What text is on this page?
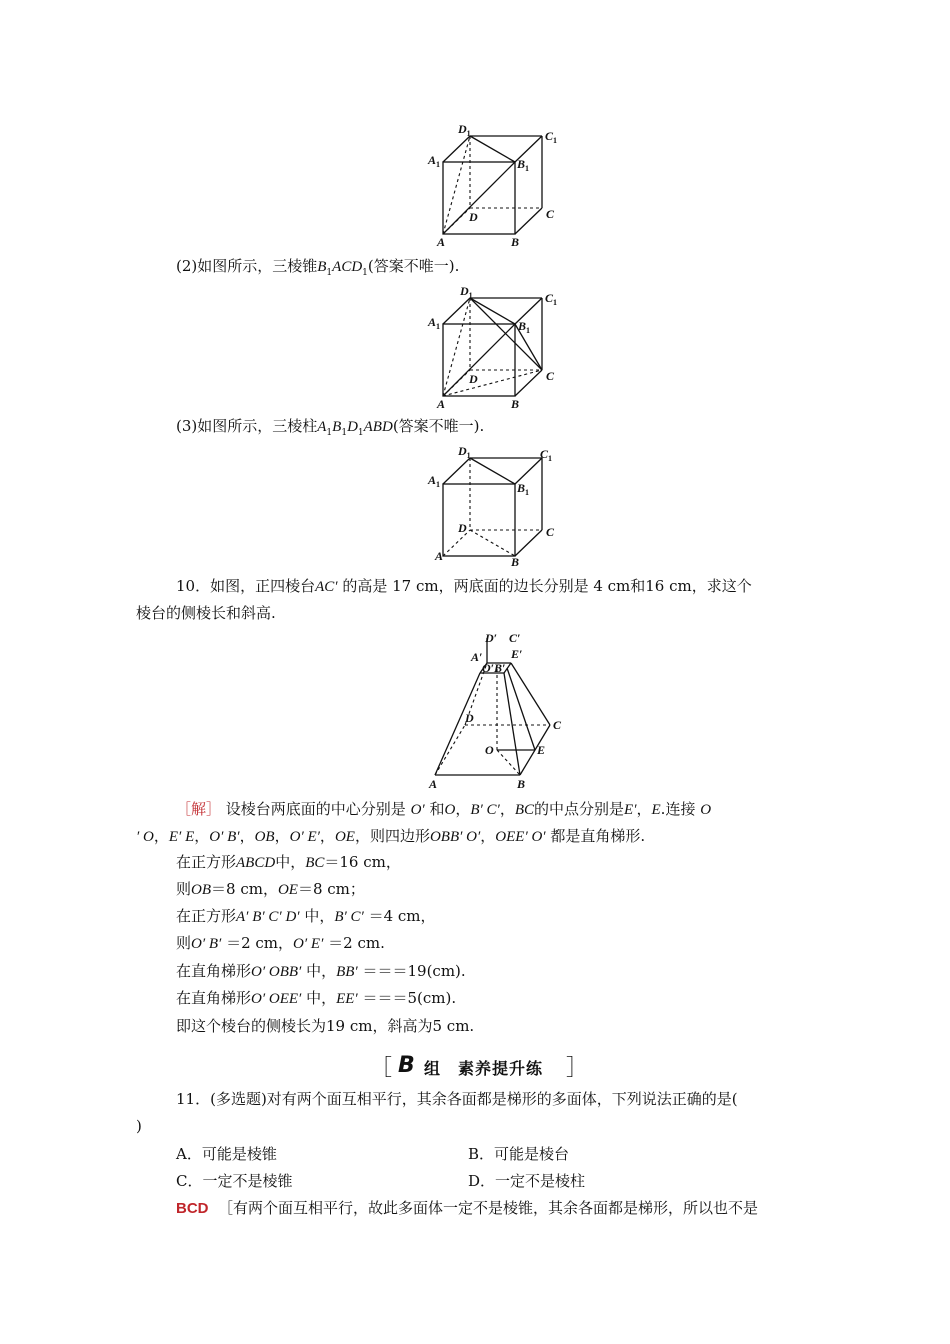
$D_1$	$C_1$
$A_1$	$B_1$
D	C
A	B
(2)如图所示，三棱锥$B_1ACD_1$(答案不唯一).
$D_1$	$C_1$
$A_1$	$B_1$
D	C
A	B
(3)如图所示，三棱柱$A_1B_1D_1ABD$(答案不唯一).
$D_1$	$C_1$
$A_1$	$B_1$
D	C
A	B
10．如图，正四棱台AC′ 的高是 17 cm，两底面的边长分别是 4 cm和16 cm，求这个
棱台的侧棱长和斜高.
D′ C′
A′ E′
O′B′
D	C
O	E
A	B
［解］ 设棱台两底面的中心分别是 O′ 和O，B′ C′，BC的中点分别是E′，E.连接 O
′ O，E′ E，O′ B′，OB，O′ E′，OE，则四边形OBB′ O′，OEE′ O′ 都是直角梯形.
在正方形ABCD中，BC＝16 cm，
则OB＝8 cm，OE＝8 cm；
在正方形A′ B′ C′ D′ 中，B′ C′ ＝4 cm，
则O′ B′ ＝2 cm，O′ E′ ＝2 cm.
在直角梯形O′ OBB′ 中，BB′ ＝＝＝19(cm).
在直角梯形O′ OEE′ 中，EE′ ＝＝＝5(cm).
即这个棱台的侧棱长为19 cm，斜高为5 cm.
［ B 组　素养提升练 ］
11．(多选题)对有两个面互相平行，其余各面都是梯形的多面体，下列说法正确的是(
)
A．可能是棱锥	B．可能是棱台
C．一定不是棱锥	D．一定不是棱柱
BCD ［有两个面互相平行，故此多面体一定不是棱锥，其余各面都是梯形，所以也不是
